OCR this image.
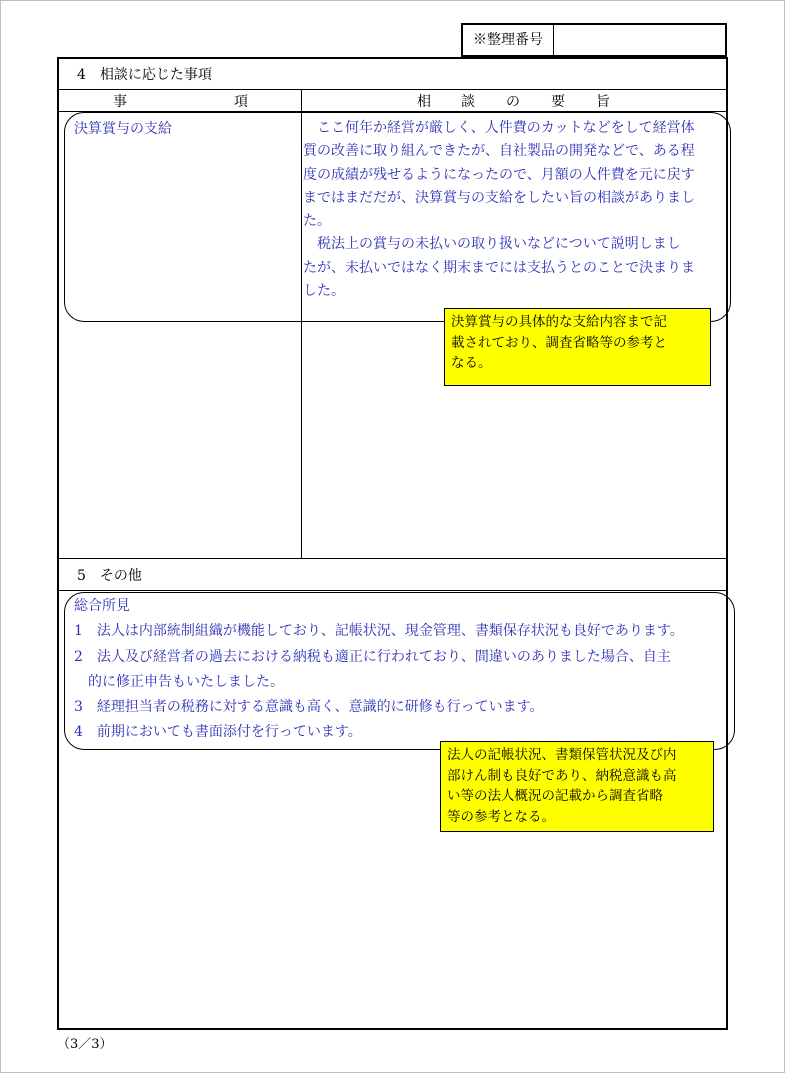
※整理番号
4　相談に応じた事項
事	項	相 談 の 要 旨
決算賞与の支給	　ここ何年か経営が厳しく、人件費のカットなどをして経営体
質の改善に取り組んできたが、自社製品の開発などで、ある程
度の成績が残せるようになったので、月額の人件費を元に戻す
まではまだだが、決算賞与の支給をしたい旨の相談がありまし
た。
　税法上の賞与の未払いの取り扱いなどについて説明しまし
たが、未払いではなく期末までには支払うとのことで決まりま
した。
決算賞与の具体的な支給内容まで記
載されており、調査省略等の参考と
なる。
5　その他
総合所見
1　法人は内部統制組織が機能しており、記帳状況、現金管理、書類保存状況も良好であります。
2　法人及び経営者の過去における納税も適正に行われており、間違いのありました場合、自主
　的に修正申告もいたしました。
3　経理担当者の税務に対する意識も高く、意識的に研修も行っています。
4　前期においても書面添付を行っています。
法人の記帳状況、書類保管状況及び内
部けん制も良好であり、納税意識も高
い等の法人概況の記載から調査省略
等の参考となる。
（3／3）
